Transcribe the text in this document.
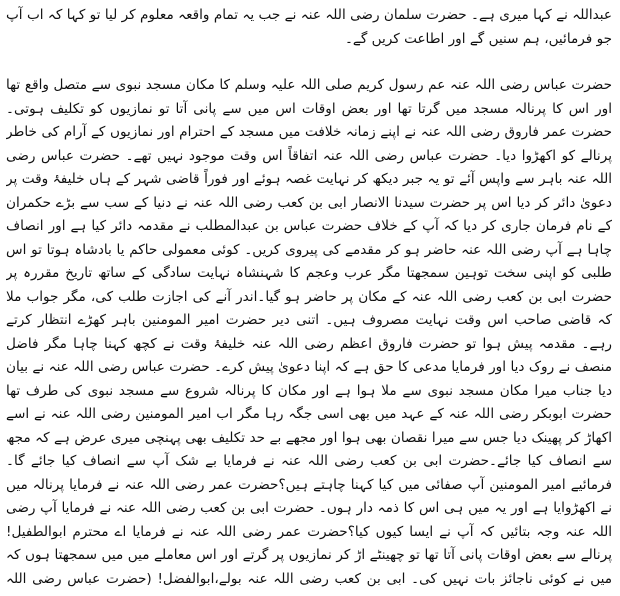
عبداللہ نے کہا میری ہے۔ حضرت سلمان رضی اللہ عنہ نے جب یہ تمام واقعہ معلوم کر لیا تو کہا کہ اب آپ جو فرمائیں، ہم سنیں گے اور اطاعت کریں گے۔

حضرت عباس رضی اللہ عنہ عم رسول کریم صلی اللہ علیہ وسلم کا مکان مسجد نبوی سے متصل واقع تھا اور اس کا پرنالہ مسجد میں گرتا تھا اور بعض اوقات اس میں سے پانی آتا تو نمازیوں کو تکلیف ہوتی۔حضرت عمر فاروق رضی اللہ عنہ نے اپنے زمانہ خلافت میں مسجد کے احترام اور نمازیوں کے آرام کی خاطر پرنالے کو اکھڑوا دیا۔ حضرت عباس رضی اللہ عنہ اتفاقاً اس وقت موجود نہیں تھے۔ حضرت عباس رضی اللہ عنہ باہر سے واپس آئے تو یہ جبر دیکھ کر نہایت غصہ ہوئے اور فوراً قاضی شہر کے ہاں خلیفۂ وقت پر دعویٰ دائر کر دیا اس پر حضرت سیدنا الانصار ابی بن کعب رضی اللہ عنہ نے دنیا کے سب سے بڑے حکمران کے نام فرمان جاری کر دیا کہ آپ کے خلاف حضرت عباس بن عبدالمطلب نے مقدمہ دائر کیا ہے اور انصاف چاہا ہے آپ رضی اللہ عنہ حاضر ہو کر مقدمے کی پیروی کریں۔ کوئی معمولی حاکم یا بادشاہ ہوتا تو اس طلبی کو اپنی سخت توہین سمجھتا مگر عرب وعجم کا شہنشاہ نہایت سادگی کے ساتھ تاریخ مقررہ پر حضرت ابی بن کعب رضی اللہ عنہ کے مکان پر حاضر ہو گیا۔اندر آنے کی اجازت طلب کی، مگر جواب ملا کہ قاضی صاحب اس وقت نہایت مصروف ہیں۔ اتنی دیر حضرت امیر المومنین باہر کھڑے انتظار کرتے رہے۔ مقدمہ پیش ہوا تو حضرت فاروق اعظم رضی اللہ عنہ خلیفۂ وقت نے کچھ کہنا چاہا مگر فاضل منصف نے روک دیا اور فرمایا مدعی کا حق ہے کہ اپنا دعویٰ پیش کرے۔ حضرت عباس رضی اللہ عنہ نے بیان دیا جناب میرا مکان مسجد نبوی سے ملا ہوا ہے اور مکان کا پرنالہ شروع سے مسجد نبوی کی طرف تھا حضرت ابوبکر رضی اللہ عنہ کے عہد میں بھی اسی جگہ رہا مگر اب امیر المومنین رضی اللہ عنہ نے اسے اکھاڑ کر پھینک دیا جس سے میرا نقصان بھی ہوا اور مجھے بے حد تکلیف بھی پہنچی میری عرض ہے کہ مجھ سے انصاف کیا جائے۔حضرت ابی بن کعب رضی اللہ عنہ نے فرمایا بے شک آپ سے انصاف کیا جائے گا۔فرمائیے امیر المومنین آپ صفائی میں کیا کہنا چاہتے ہیں؟حضرت عمر رضی اللہ عنہ نے فرمایا پرنالہ میں نے اکھڑوایا ہے اور یہ میں ہی اس کا ذمہ دار ہوں۔ حضرت ابی بن کعب رضی اللہ عنہ نے فرمایا آپ رضی اللہ عنہ وجہ بتائیں کہ آپ نے ایسا کیوں کیا؟حضرت عمر رضی اللہ عنہ نے فرمایا اے محترم ابوالطفیل! پرنالے سے بعض اوقات پانی آتا تھا تو چھینٹے اڑ کر نمازیوں پر گرتے اور اس معاملے میں میں سمجھتا ہوں کہ میں نے کوئی ناجائز بات نہیں کی۔ ابی بن کعب رضی اللہ عنہ بولے،ابوالفضل! (حضرت عباس رضی اللہ
